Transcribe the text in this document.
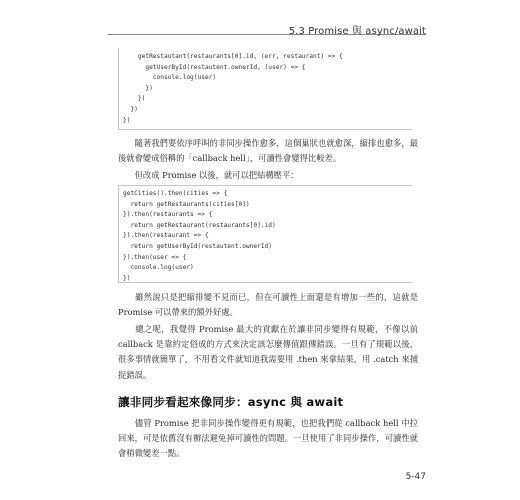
5.3 Promise 與 async/await
getRestautant(restaurants[0].id, (err, restaurant) => {
getUserById(restautent.ownerId, (user) => {
console.log(user)
})
})
})
})

　　隨著我們要依序呼叫的非同步操作愈多，這個巢狀也就愈深，縮排也愈多，最後就會變成俗稱的「callback hell」，可讀性會變得比較差。

　　但改成 Promise 以後，就可以把結構壓平：

getCities().then(cities => {
return getRestaurants(cities[0])
}).then(restaurants => {
return getRestaurant(restaurants[0].id)
}).then(restaurant => {
return getUserById(restautent.ownerId)
}).then(user => {
console.log(user)
})

　　雖然說只是把縮排變不見而已，但在可讀性上面還是有增加一些的，這就是 Promise 可以帶來的額外好處。

　　總之呢，我覺得 Promise 最大的貢獻在於讓非同步變得有規範，不像以前 callback 是靠約定俗成的方式來決定該怎麼傳值跟傳錯誤。一旦有了規範以後，很多事情就簡單了，不用看文件就知道我需要用 .then 來拿結果，用 .catch 來捕捉錯誤。

讓非同步看起來像同步：async 與 await

　　儘管 Promise 把非同步操作變得更有規範，也把我們從 callback hell 中拉回來，可是依舊沒有辦法避免掉可讀性的問題。一旦使用了非同步操作，可讀性就會稍微變差一點。

5-47
